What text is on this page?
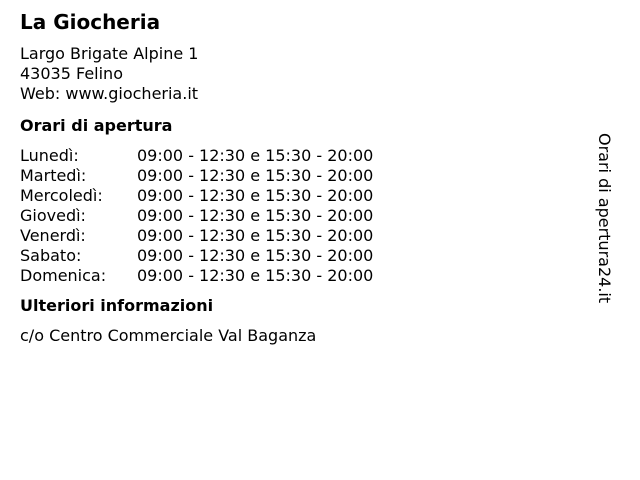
La Giocheria
Largo Brigate Alpine 1
43035 Felino
Web: www.giocheria.it
Orari di apertura
Lunedì:	09:00 - 12:30 e 15:30 - 20:00
Martedì:	09:00 - 12:30 e 15:30 - 20:00
Mercoledì:	09:00 - 12:30 e 15:30 - 20:00
Giovedì:	09:00 - 12:30 e 15:30 - 20:00
Venerdì:	09:00 - 12:30 e 15:30 - 20:00
Sabato:	09:00 - 12:30 e 15:30 - 20:00
Domenica:	09:00 - 12:30 e 15:30 - 20:00
Ulteriori informazioni
c/o Centro Commerciale Val Baganza
Orari di apertura24.it
